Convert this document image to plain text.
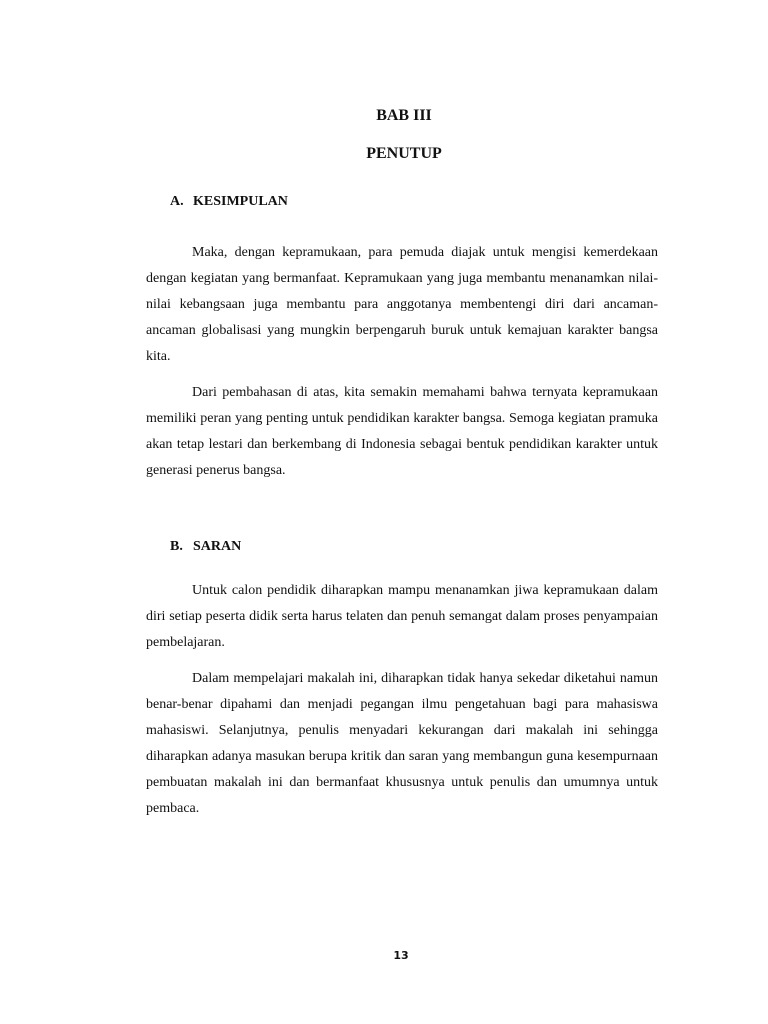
BAB III
PENUTUP
A. KESIMPULAN

Maka, dengan kepramukaan, para pemuda diajak untuk mengisi kemerdekaan dengan kegiatan yang bermanfaat. Kepramukaan yang juga membantu menanamkan nilai-nilai kebangsaan juga membantu para anggotanya membentengi diri dari ancaman-ancaman globalisasi yang mungkin berpengaruh buruk untuk kemajuan karakter bangsa kita.

Dari pembahasan di atas, kita semakin memahami bahwa ternyata kepramukaan memiliki peran yang penting untuk pendidikan karakter bangsa. Semoga kegiatan pramuka akan tetap lestari dan berkembang di Indonesia sebagai bentuk pendidikan karakter untuk generasi penerus bangsa.

B. SARAN

Untuk calon pendidik diharapkan mampu menanamkan jiwa kepramukaan dalam diri setiap peserta didik serta harus telaten dan penuh semangat dalam proses penyampaian pembelajaran.

Dalam mempelajari makalah ini, diharapkan tidak hanya sekedar diketahui namun benar-benar dipahami dan menjadi pegangan ilmu pengetahuan bagi para mahasiswa mahasiswi. Selanjutnya, penulis menyadari kekurangan dari makalah ini sehingga diharapkan adanya masukan berupa kritik dan saran yang membangun guna kesempurnaan pembuatan makalah ini dan bermanfaat khususnya untuk penulis dan umumnya untuk pembaca.

13
